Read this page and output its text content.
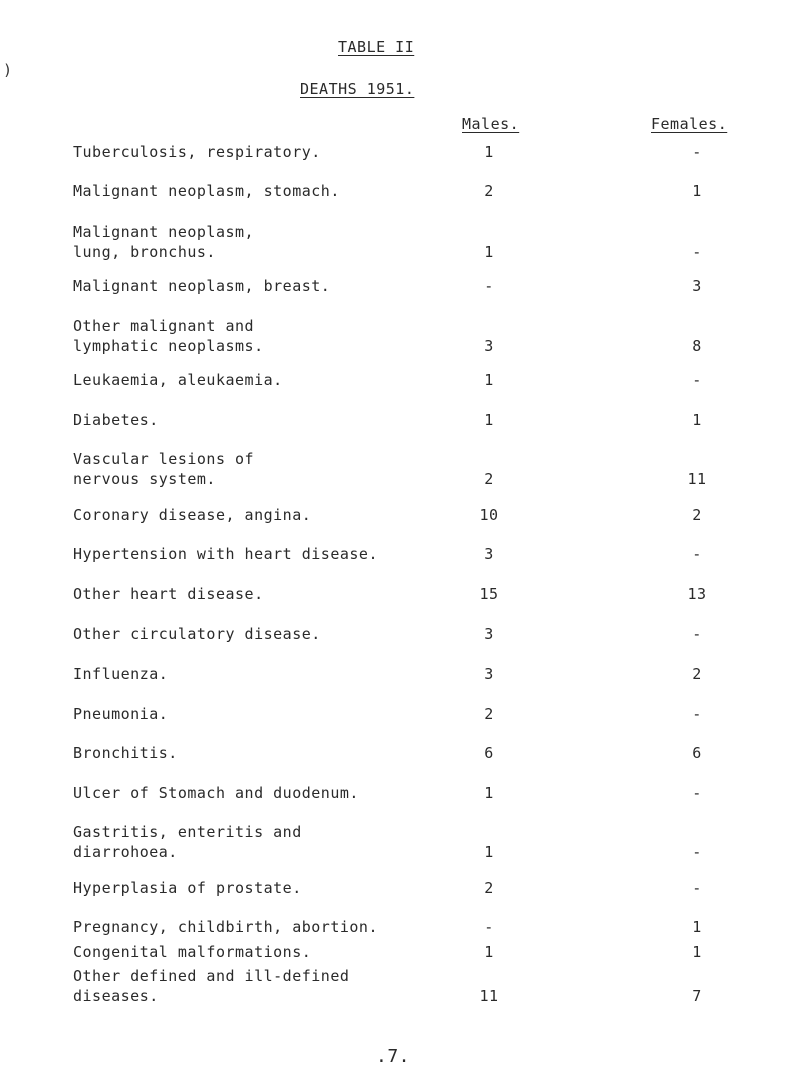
)
TABLE II
DEATHS 1951.
Males.	Females.
Tuberculosis, respiratory.	1	-
Malignant neoplasm, stomach.	2	1
Malignant neoplasm,
lung, bronchus.	1	-
Malignant neoplasm, breast.	-	3
Other malignant and
lymphatic neoplasms.	3	8
Leukaemia, aleukaemia.	1	-
Diabetes.	1	1
Vascular lesions of
nervous system.	2	11
Coronary disease, angina.	10	2
Hypertension with heart disease.	3	-
Other heart disease.	15	13
Other circulatory disease.	3	-
Influenza.	3	2
Pneumonia.	2	-
Bronchitis.	6	6
Ulcer of Stomach and duodenum.	1	-
Gastritis, enteritis and
diarrohoea.	1	-
Hyperplasia of prostate.	2	-
Pregnancy, childbirth, abortion.	-	1
Congenital malformations.	1	1
Other defined and ill-defined
diseases.	11	7
.7.
